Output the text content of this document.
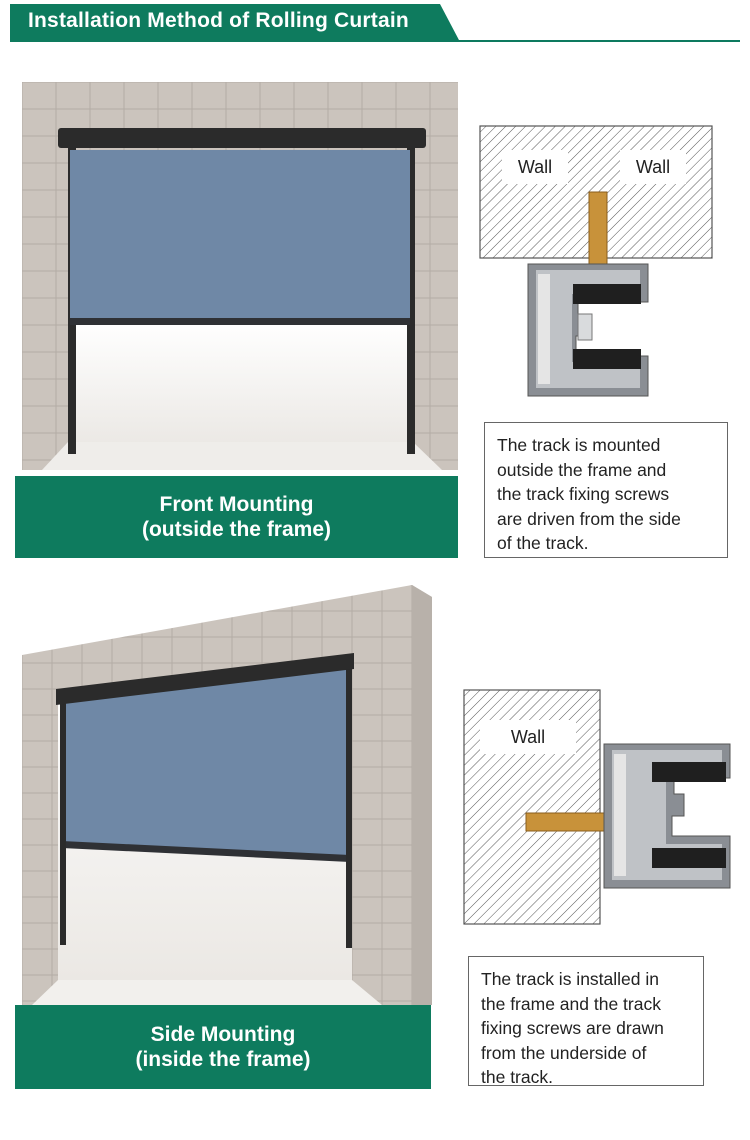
Installation Method of Rolling Curtain
Front Mounting
(outside the frame)
Wall	Wall
The track is mounted
outside the frame and
the track fixing screws
are driven from the side
of the track.
Side Mounting
(inside the frame)
Wall
The track is installed in
the frame and the track
fixing screws are drawn
from the underside of
the track.
